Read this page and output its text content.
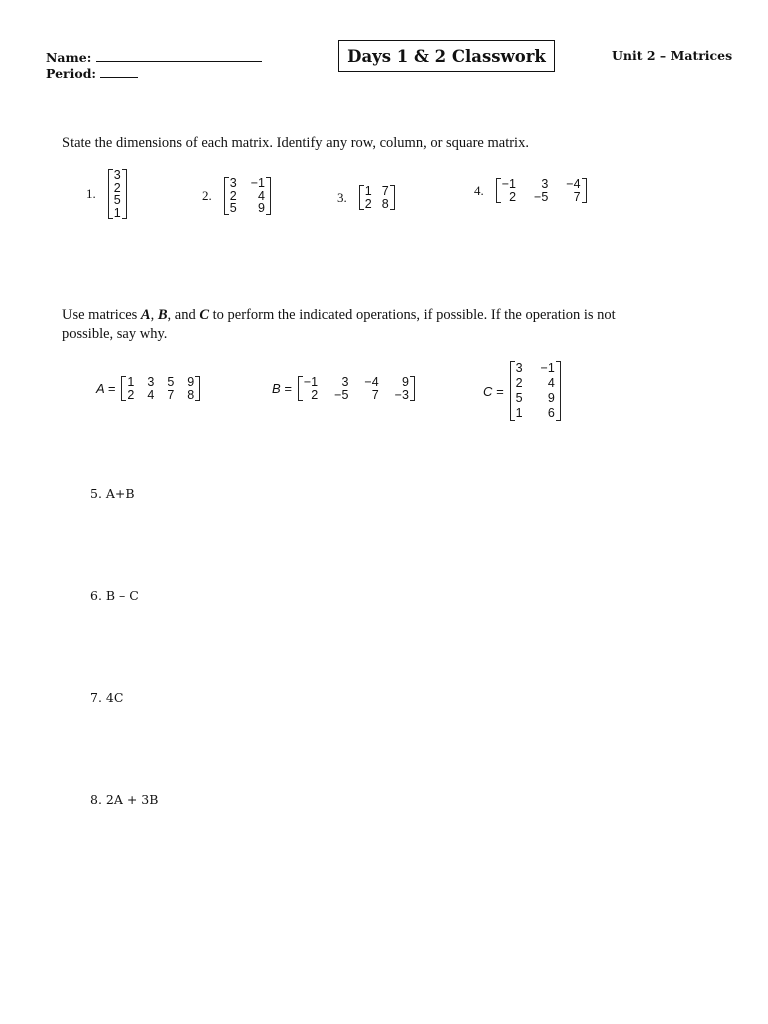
Name:
Period:
Days 1 & 2 Classwork	Unit 2 – Matrices
State the dimensions of each matrix. Identify any row, column, or square matrix.
1.
3
2
5
1
2.
3 −1
2	4
5	9
3. 1 7
2 8
4. −1	3 −4
2 −5	7
Use matrices A, B, and C to perform the indicated operations, if possible. If the operation is not
possible, say why.
A = 1 3 5 9
2 4 7 8	B = −1	3 −4	9
2 −5	7 −3	C =
3 −1
2	4
5	9
1	6
5. A+B
6. B – C
7. 4C
8. 2A + 3B
